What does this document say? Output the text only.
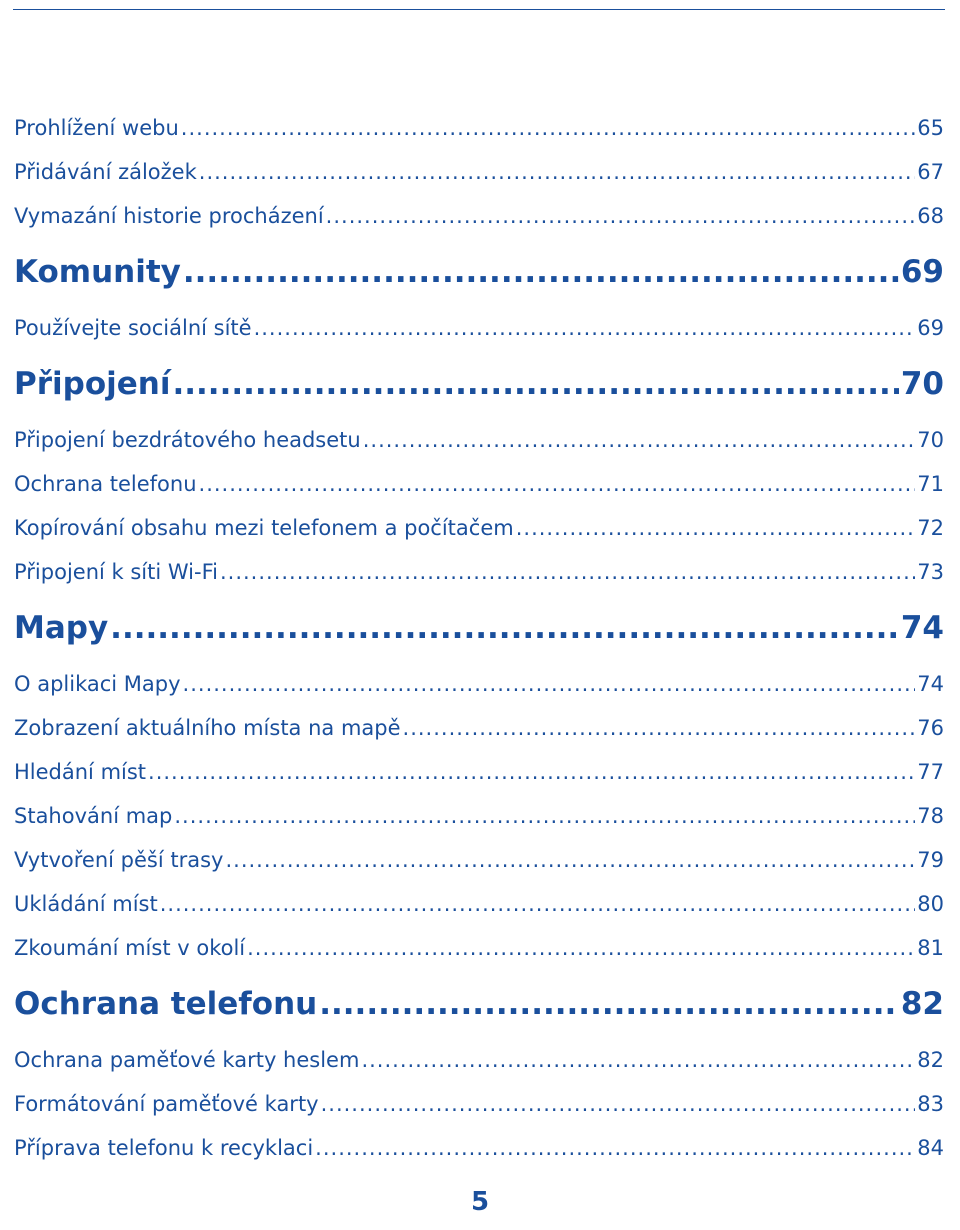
Prohlížení webu .....	65
Přidávání záložek .....	67
Vymazání historie procházení .....	68
Komunity .....	69
Používejte sociální sítě .....	69
Připojení .....	70
Připojení bezdrátového headsetu .....	70
Ochrana telefonu .....	71
Kopírování obsahu mezi telefonem a počítačem .....	72
Připojení k síti Wi-Fi .....	73
Mapy .....	74
O aplikaci Mapy .....	74
Zobrazení aktuálního místa na mapě .....	76
Hledání míst .....	77
Stahování map .....	78
Vytvoření pěší trasy .....	79
Ukládání míst .....	80
Zkoumání míst v okolí .....	81
Ochrana telefonu .....	82
Ochrana paměťové karty heslem .....	82
Formátování paměťové karty .....	83
Příprava telefonu k recyklaci .....	84
5
